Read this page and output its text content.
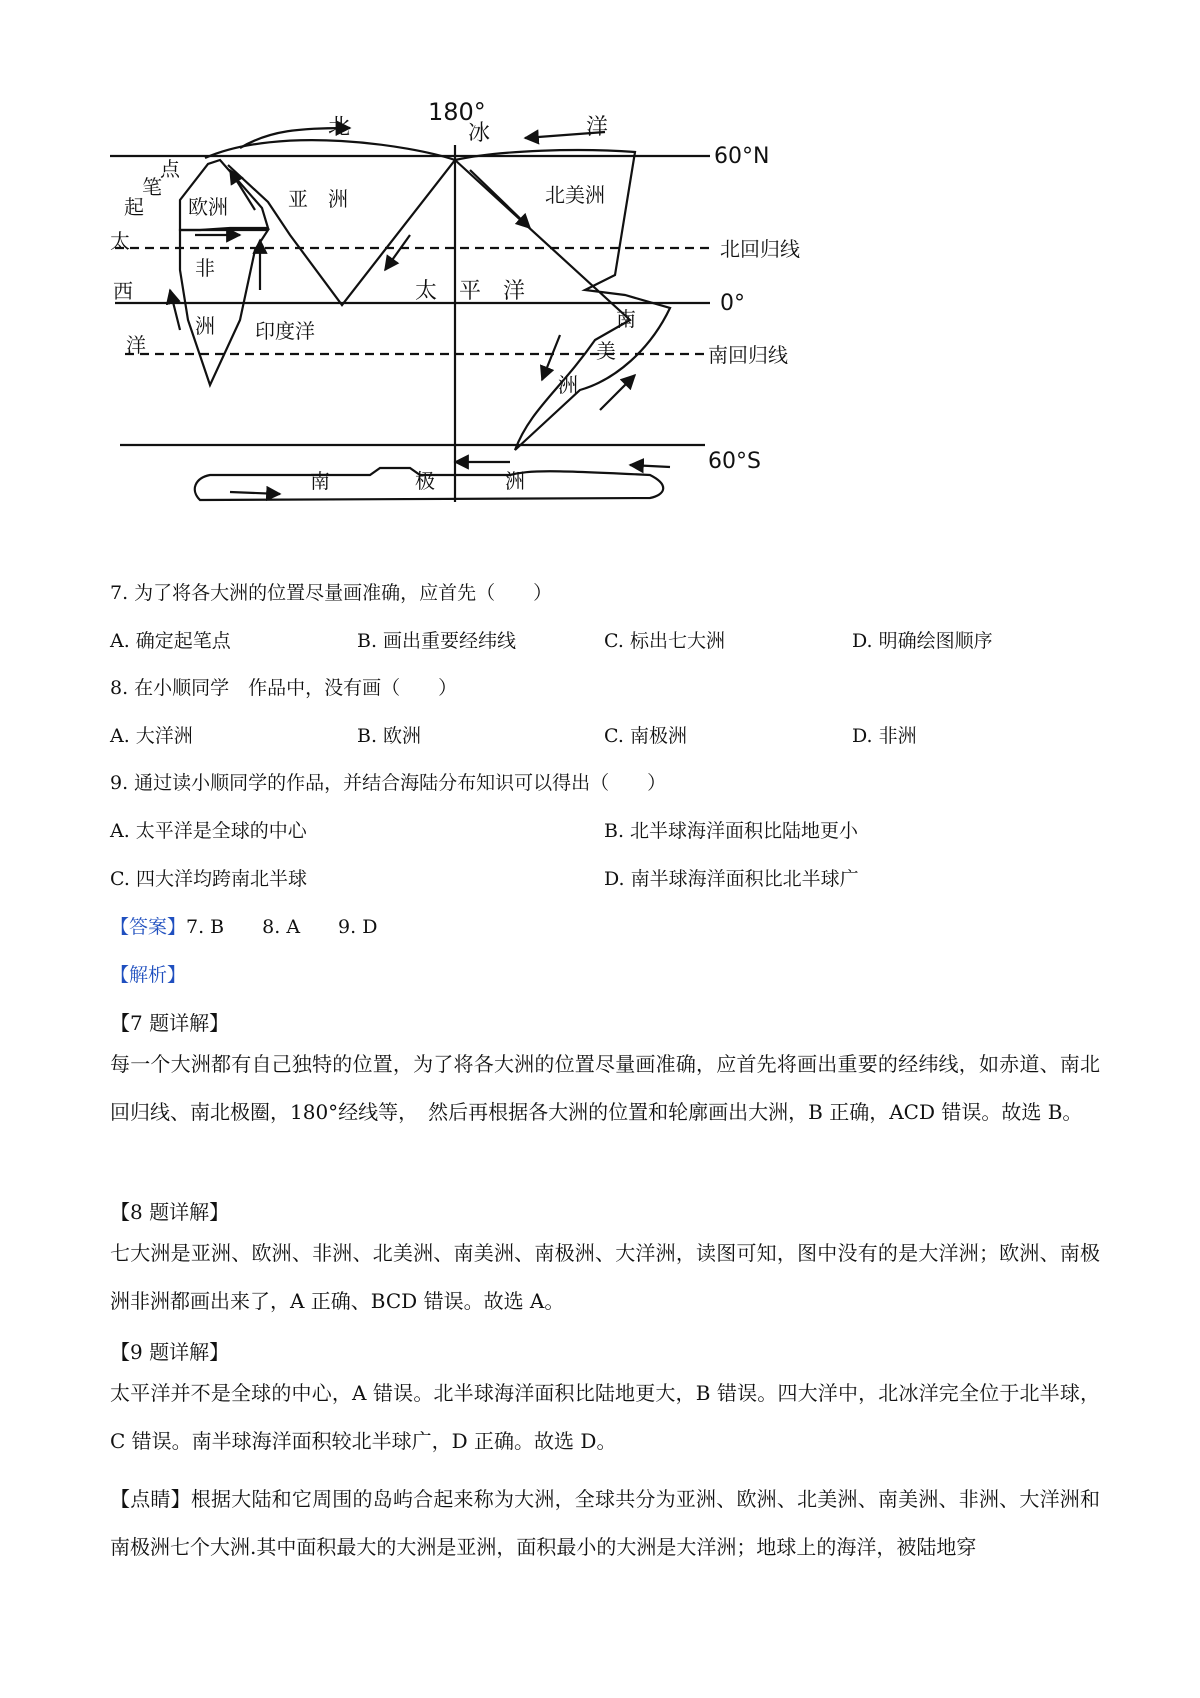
180°
60°N
北回归线
0°
南回归线
60°S
北	冰	洋
点
笔
起 欧洲	亚　洲	北美洲
太
西
洋
非
洲 印度洋
太　平　洋
南
美
洲
南	极	洲
7. 为了将各大洲的位置尽量画准确，应首先（　　）
A. 确定起笔点	B. 画出重要经纬线	C. 标出七大洲	D. 明确绘图顺序
8. 在小顺同学　作品中，没有画（　　）
A. 大洋洲	B. 欧洲	C. 南极洲	D. 非洲
9. 通过读小顺同学的作品，并结合海陆分布知识可以得出（　　）
A. 太平洋是全球的中心	B. 北半球海洋面积比陆地更小
C. 四大洋均跨南北半球	D. 南半球海洋面积比北半球广
【答案】7. B　　8. A　　9. D
【解析】
【7 题详解】
每一个大洲都有自己独特的位置，为了将各大洲的位置尽量画准确，应首先将画出重要的经纬线，如赤道、南北回归线、南北极圈，180°经线等，　然后再根据各大洲的位置和轮廓画出大洲，B 正确，ACD 错误。故选 B。
【8 题详解】
七大洲是亚洲、欧洲、非洲、北美洲、南美洲、南极洲、大洋洲，读图可知，图中没有的是大洋洲；欧洲、南极洲非洲都画出来了，A 正确、BCD 错误。故选 A。
【9 题详解】
太平洋并不是全球的中心，A 错误。北半球海洋面积比陆地更大，B 错误。四大洋中，北冰洋完全位于北半球，C 错误。南半球海洋面积较北半球广，D 正确。故选 D。
【点睛】根据大陆和它周围的岛屿合起来称为大洲，全球共分为亚洲、欧洲、北美洲、南美洲、非洲、大洋洲和南极洲七个大洲.其中面积最大的大洲是亚洲，面积最小的大洲是大洋洲；地球上的海洋，被陆地穿
